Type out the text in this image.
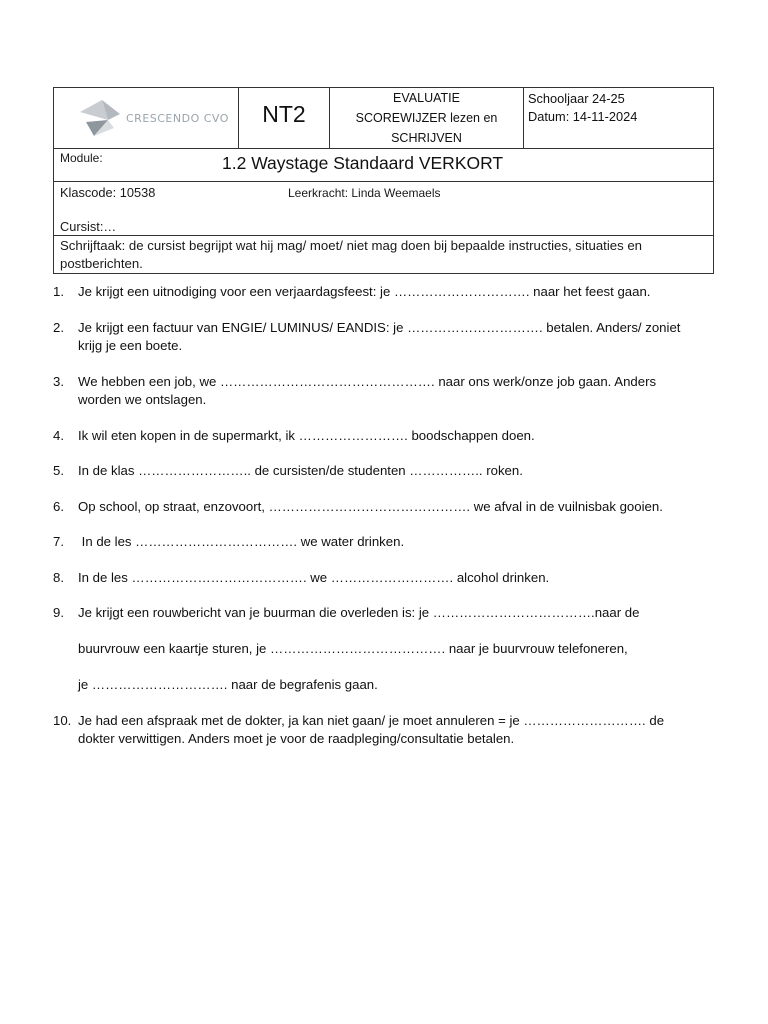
CRESCENDO CVO	NT2	
EVALUATIE
SCOREWIJZER lezen en
SCHRIJVEN

Schooljaar 24-25
Datum: 14-11-2024

Module:	1.2 Waystage Standaard VERKORT

Klascode: 10538	Leerkracht: Linda Weemaels
Cursist:…

Schrijftaak: de cursist begrijpt wat hij mag/ moet/ niet mag doen bij bepaalde instructies, situaties en postberichten.
1.	Je krijgt een uitnodiging voor een verjaardagsfeest: je …………………………. naar het feest gaan.
2.	Je krijgt een factuur van ENGIE/ LUMINUS/ EANDIS: je …………………………. betalen. Anders/ zoniet krijg je een boete.
3.	We hebben een job, we …………………………………………. naar ons werk/onze job gaan. Anders worden we ontslagen.
4.	Ik wil eten kopen in de supermarkt, ik ……………………. boodschappen doen.
5.	In de klas …………………….. de cursisten/de studenten …………….. roken.
6.	Op school, op straat, enzovoort, ………………………………………. we afval in de vuilnisbak gooien.
7.	In de les ………………………………. we water drinken.
8.	In de les …………………………………. we ………………………. alcohol drinken.
9.	Je krijgt een rouwbericht van je buurman die overleden is: je ……………………………….naar de
buurvrouw een kaartje sturen, je …………………………………. naar je buurvrouw telefoneren,
je …………………………. naar de begrafenis gaan.
10. Je had een afspraak met de dokter, ja kan niet gaan/ je moet annuleren = je ………………………. de dokter verwittigen. Anders moet je voor de raadpleging/consultatie betalen.
